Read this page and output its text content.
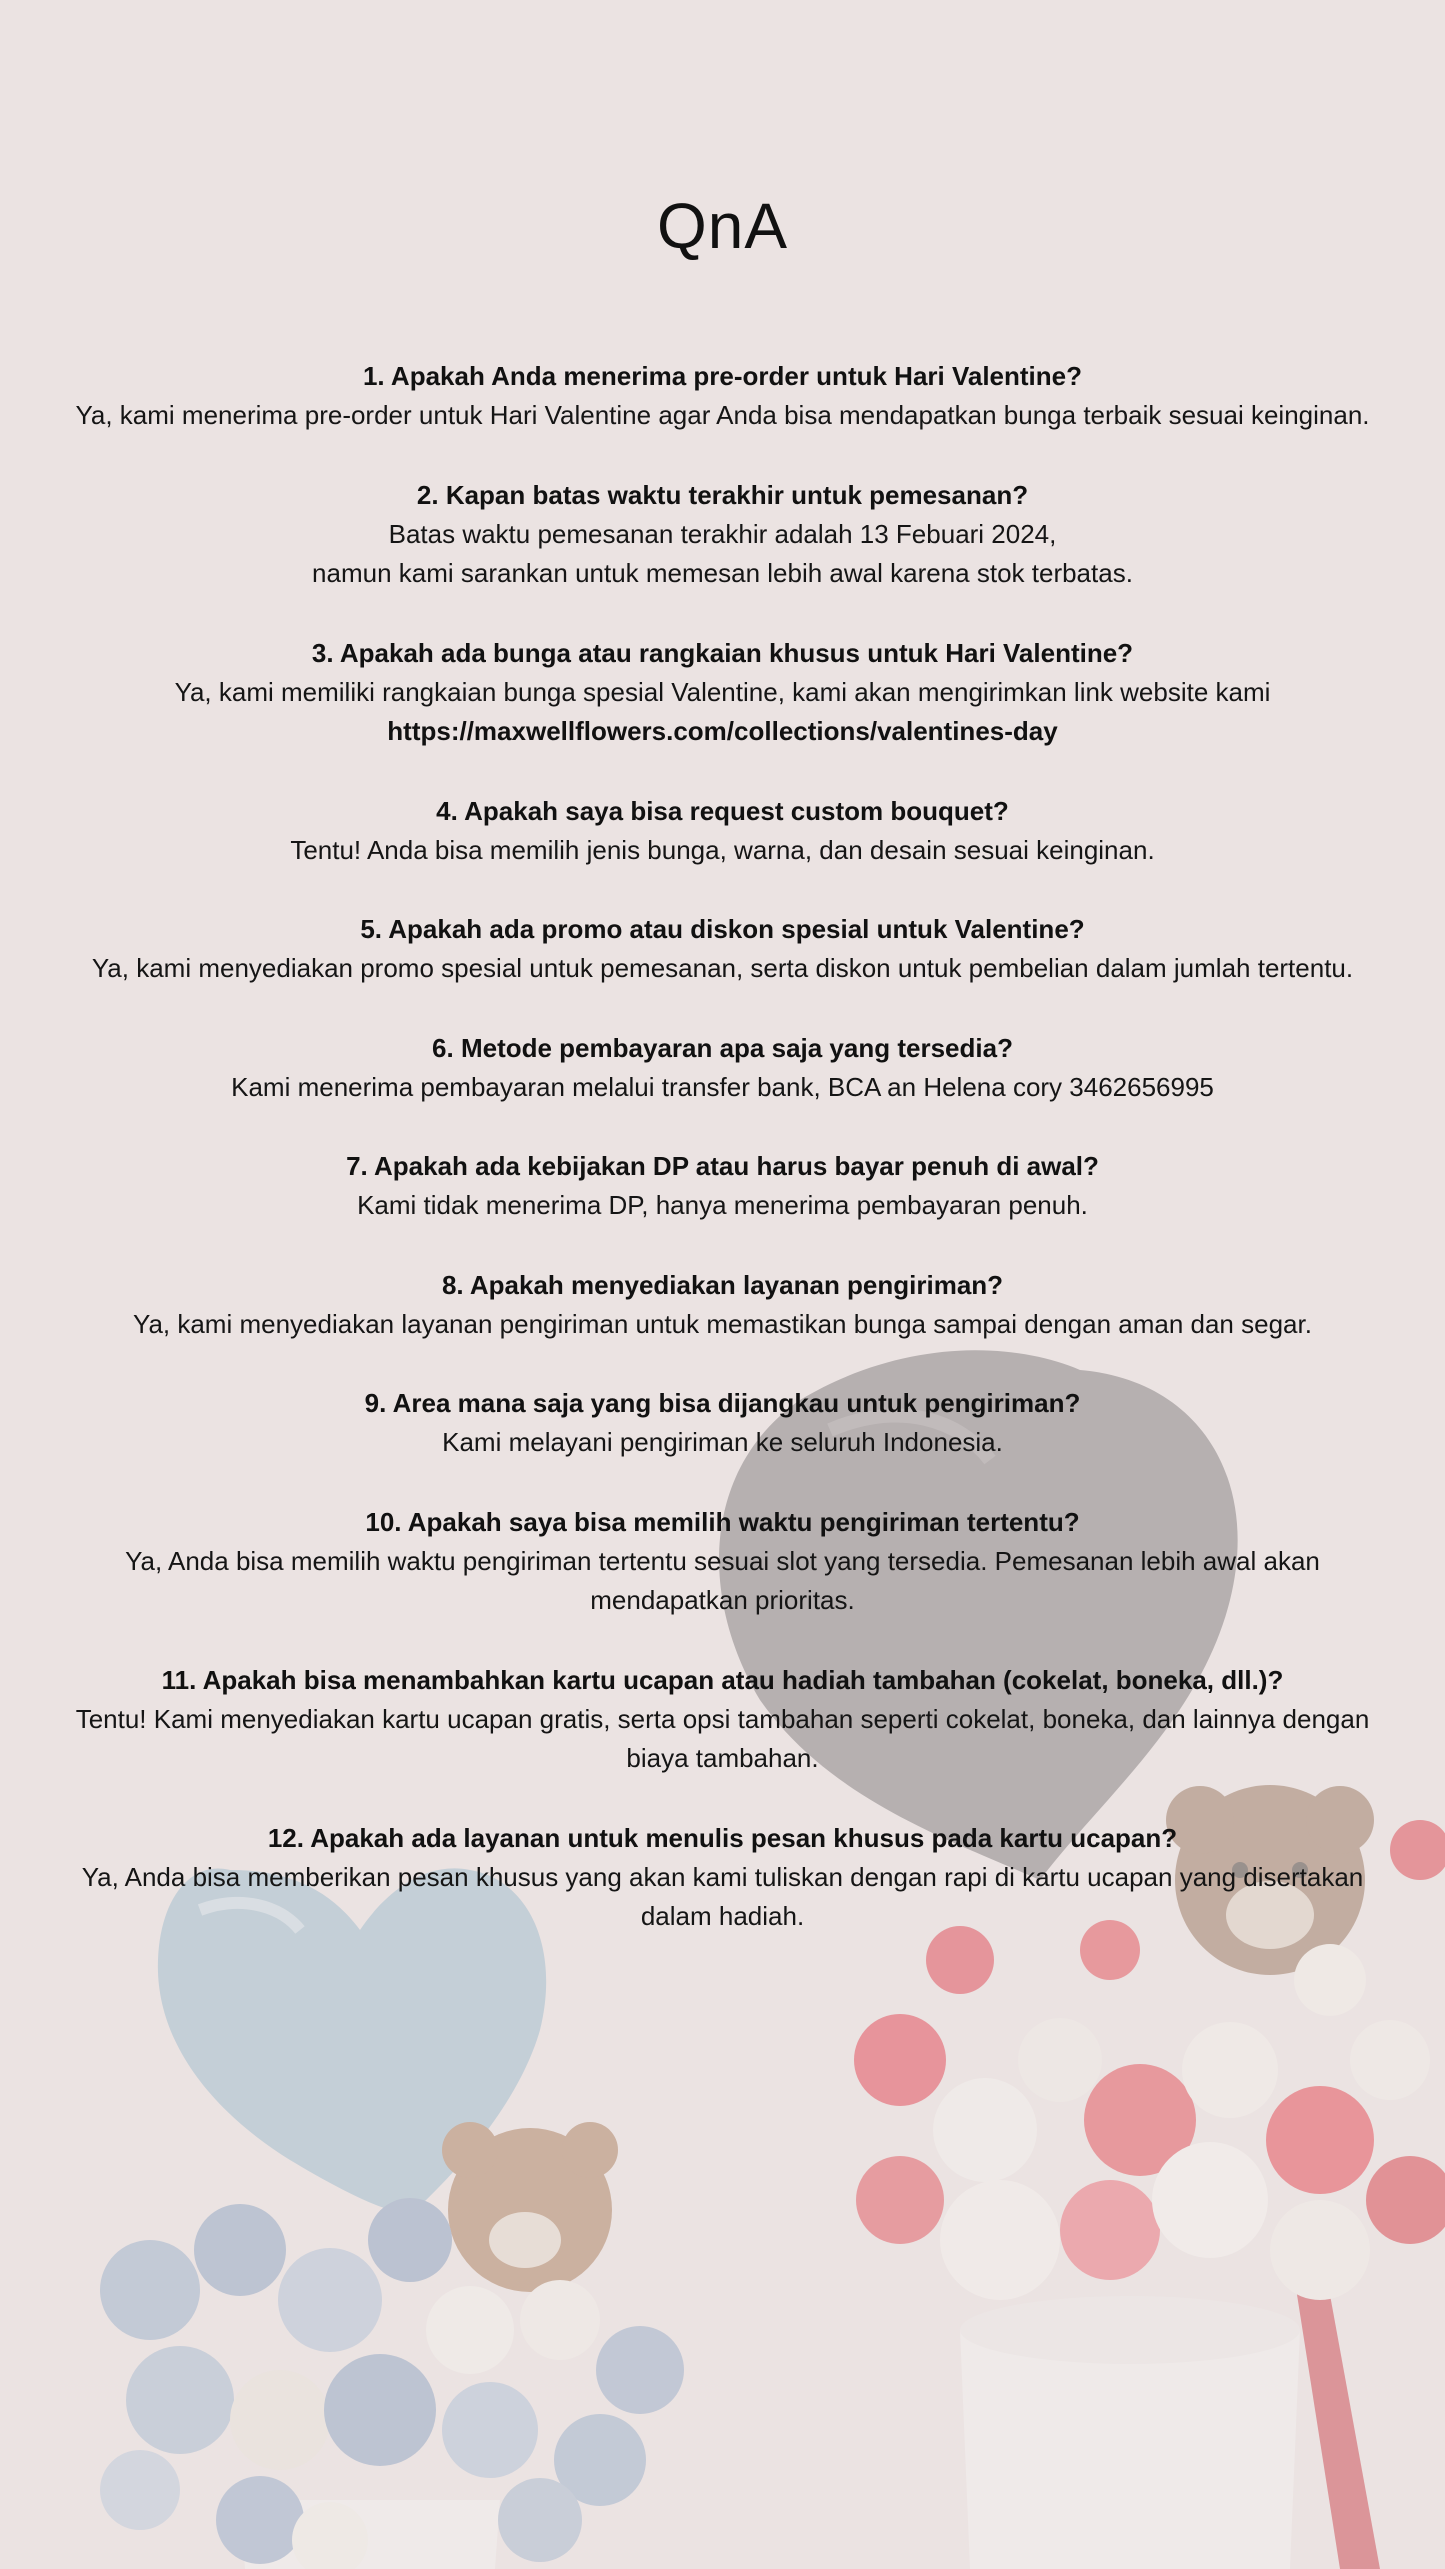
QnA

1. Apakah Anda menerima pre-order untuk Hari Valentine?

Ya, kami menerima pre-order untuk Hari Valentine agar Anda bisa mendapatkan bunga terbaik sesuai keinginan.

2. Kapan batas waktu terakhir untuk pemesanan?

Batas waktu pemesanan terakhir adalah 13 Febuari 2024,
namun kami sarankan untuk memesan lebih awal karena stok terbatas.

3. Apakah ada bunga atau rangkaian khusus untuk Hari Valentine?

Ya, kami memiliki rangkaian bunga spesial Valentine, kami akan mengirimkan link website kami
https://maxwellflowers.com/collections/valentines-day

4. Apakah saya bisa request custom bouquet?

Tentu! Anda bisa memilih jenis bunga, warna, dan desain sesuai keinginan.

5. Apakah ada promo atau diskon spesial untuk Valentine?

Ya, kami menyediakan promo spesial untuk pemesanan, serta diskon untuk pembelian dalam jumlah tertentu.

6. Metode pembayaran apa saja yang tersedia?

Kami menerima pembayaran melalui transfer bank, BCA an Helena cory 3462656995

7. Apakah ada kebijakan DP atau harus bayar penuh di awal?

Kami tidak menerima DP, hanya menerima pembayaran penuh.

8. Apakah menyediakan layanan pengiriman?

Ya, kami menyediakan layanan pengiriman untuk memastikan bunga sampai dengan aman dan segar.

9. Area mana saja yang bisa dijangkau untuk pengiriman?

Kami melayani pengiriman ke seluruh Indonesia.

10. Apakah saya bisa memilih waktu pengiriman tertentu?

Ya, Anda bisa memilih waktu pengiriman tertentu sesuai slot yang tersedia. Pemesanan lebih awal akan
mendapatkan prioritas.

11. Apakah bisa menambahkan kartu ucapan atau hadiah tambahan (cokelat, boneka, dll.)?

Tentu! Kami menyediakan kartu ucapan gratis, serta opsi tambahan seperti cokelat, boneka, dan lainnya dengan
biaya tambahan.

12. Apakah ada layanan untuk menulis pesan khusus pada kartu ucapan?

Ya, Anda bisa memberikan pesan khusus yang akan kami tuliskan dengan rapi di kartu ucapan yang disertakan
dalam hadiah.
